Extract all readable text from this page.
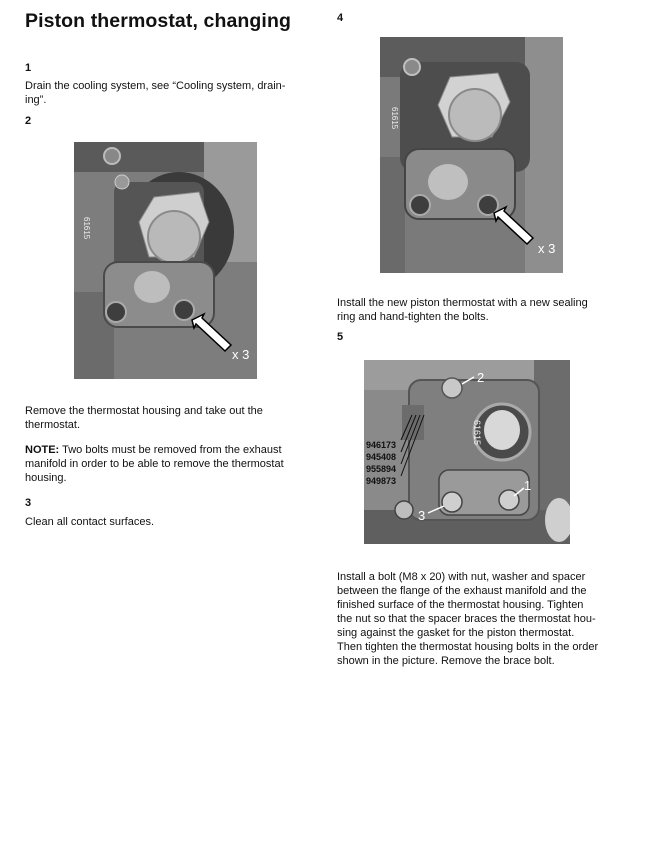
Piston thermostat, changing
1
Drain the cooling system, see “Cooling system, drain-
ing”.
2
61615
x 3
Remove the thermostat housing and take out the
thermostat.
NOTE: Two bolts must be removed from the exhaust
manifold in order to be able to remove the thermostat
housing.
3
Clean all contact surfaces.
4
61615
x 3
Install the new piston thermostat with a new sealing
ring and hand-tighten the bolts.
5
61615
946173
945408
955894
949873	1
2
3
Install a bolt (M8 x 20) with nut, washer and spacer
between the flange of the exhaust manifold and the
finished surface of the thermostat housing. Tighten
the nut so that the spacer braces the thermostat hou-
sing against the gasket for the piston thermostat.
Then tighten the thermostat housing bolts in the order
shown in the picture. Remove the brace bolt.
